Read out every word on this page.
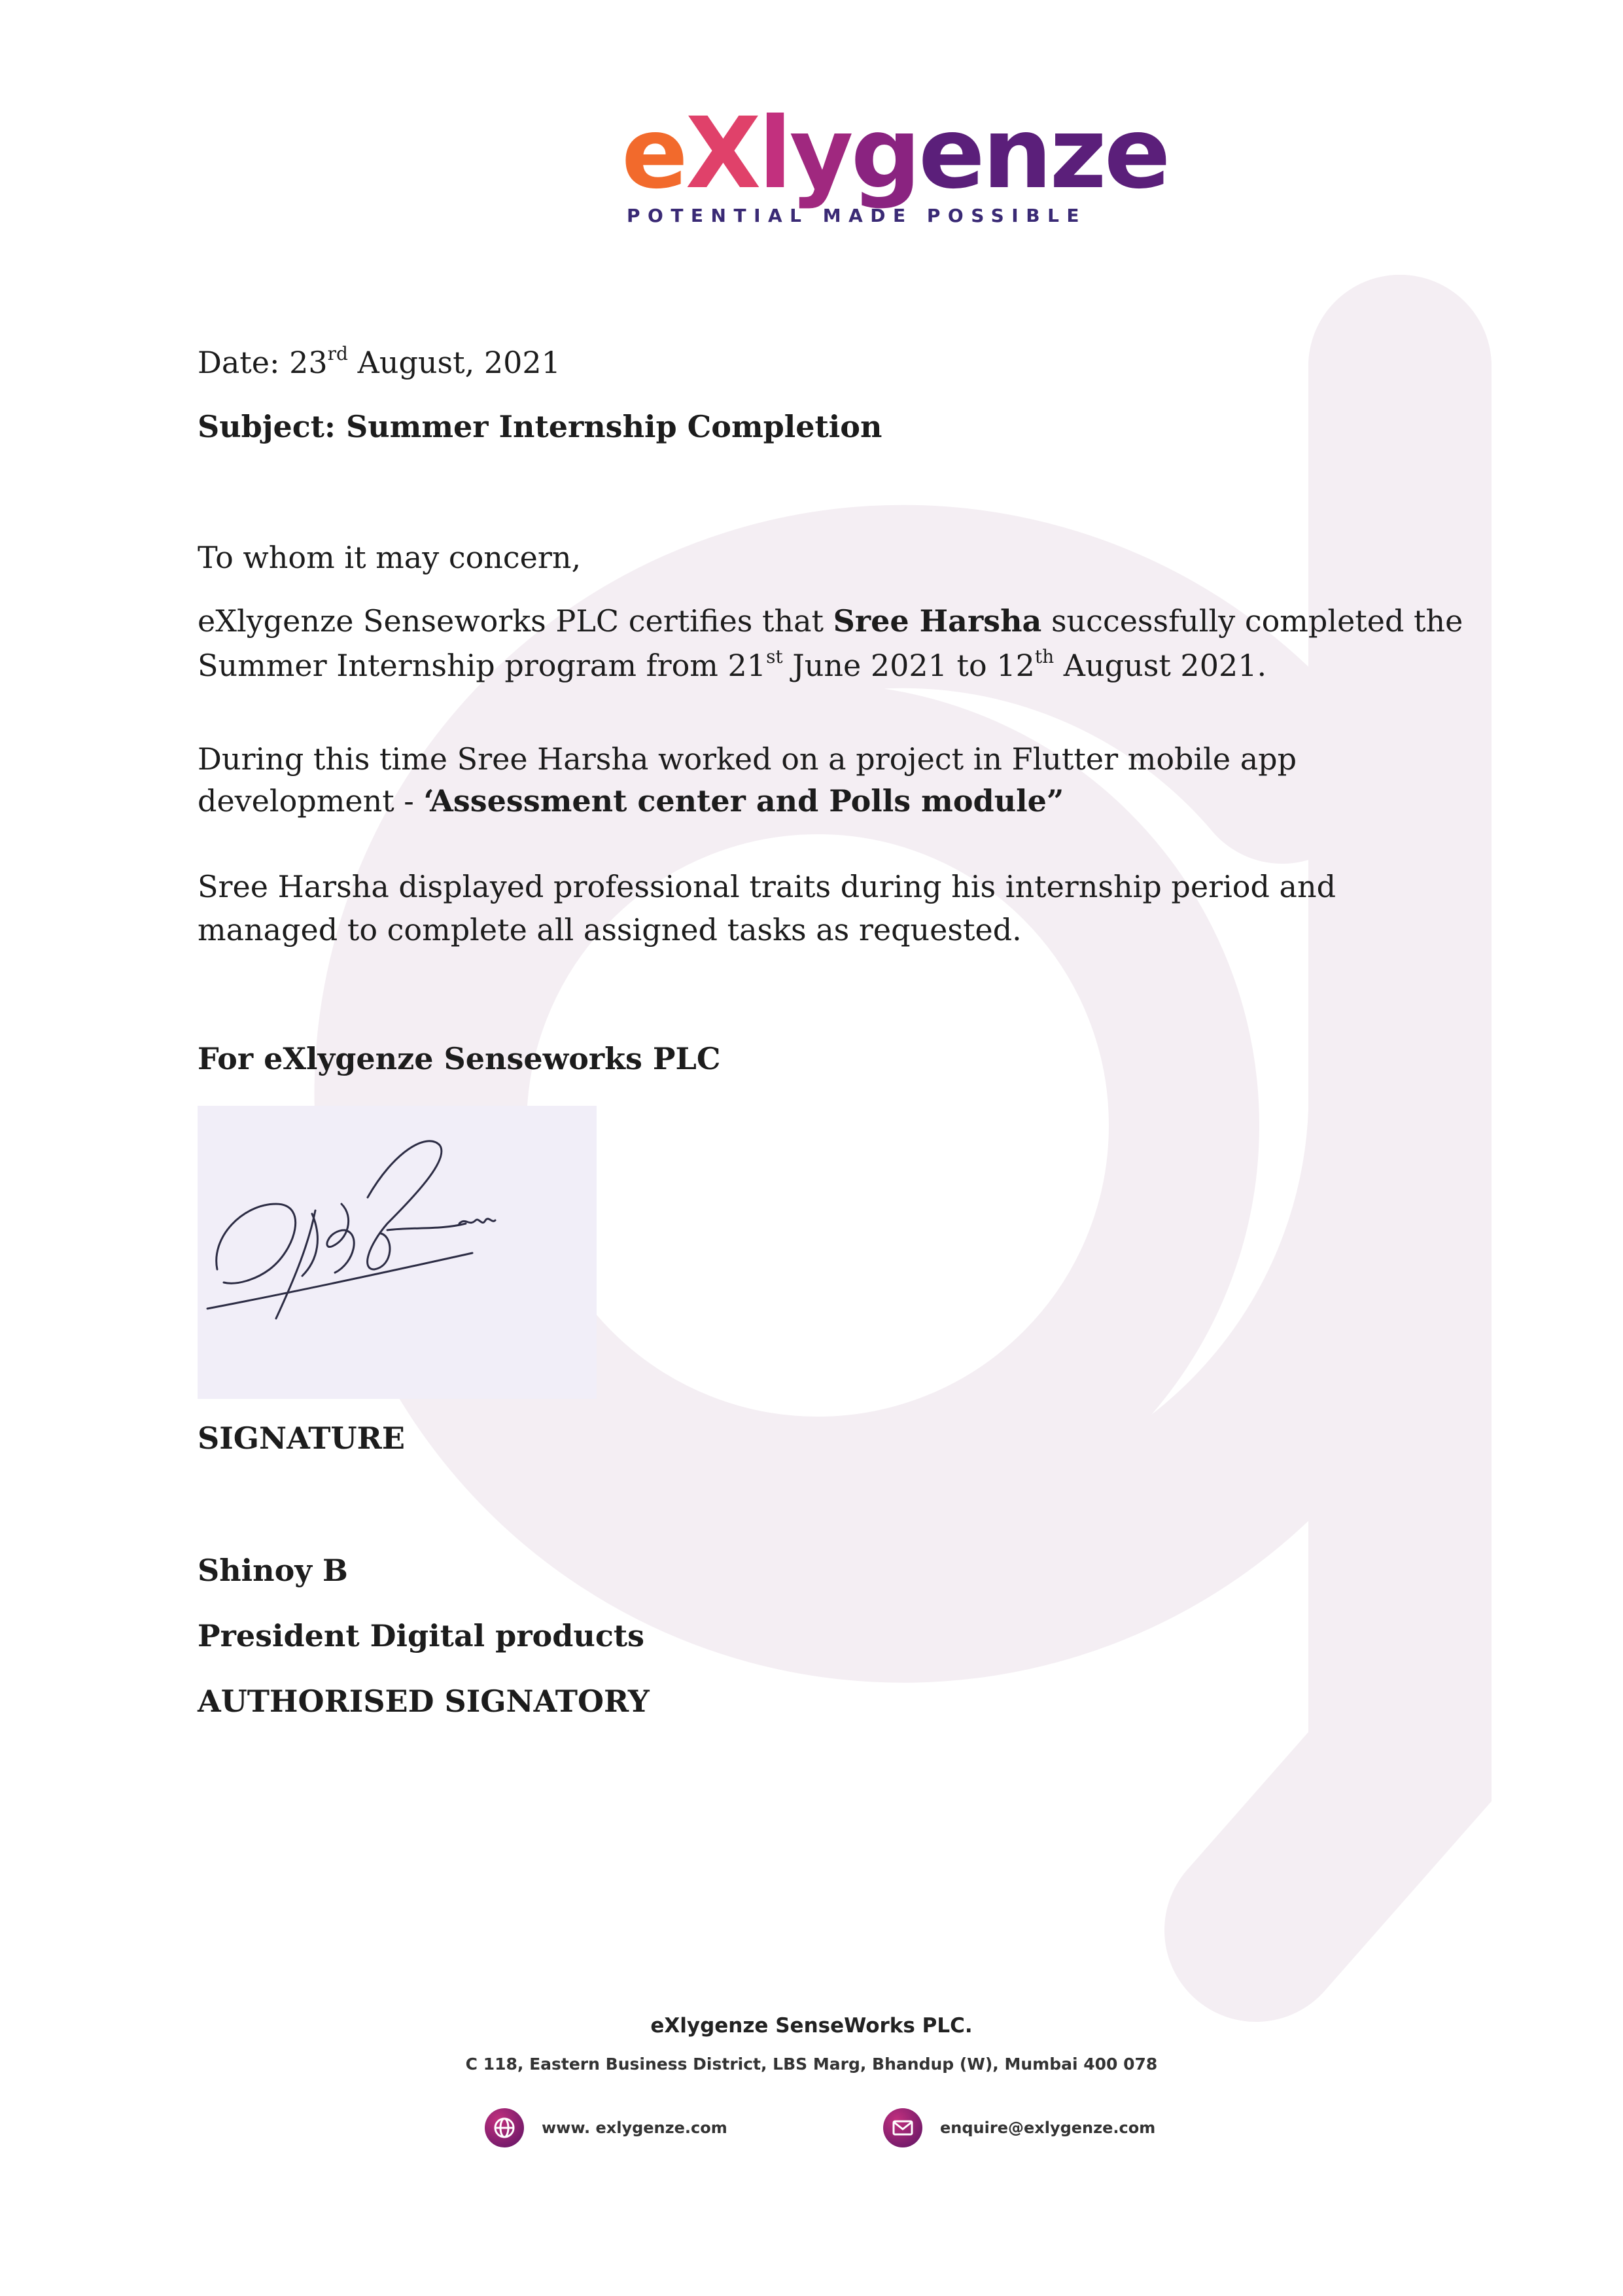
eXlygenze
POTENTIAL MADE POSSIBLE
Date: 23rd August, 2021
Subject: Summer Internship Completion
To whom it may concern,
eXlygenze Senseworks PLC certifies that Sree Harsha successfully completed the Summer Internship program from 21st June 2021 to 12th August 2021.
During this time Sree Harsha worked on a project in Flutter mobile app development - ‘Assessment center and Polls module”
Sree Harsha displayed professional traits during his internship period and managed to complete all assigned tasks as requested.
For eXlygenze Senseworks PLC
SIGNATURE
Shinoy B
President Digital products
AUTHORISED SIGNATORY
eXlygenze SenseWorks PLC.
C 118, Eastern Business District, LBS Marg, Bhandup (W), Mumbai 400 078
www. exlygenze.com	enquire@exlygenze.com
